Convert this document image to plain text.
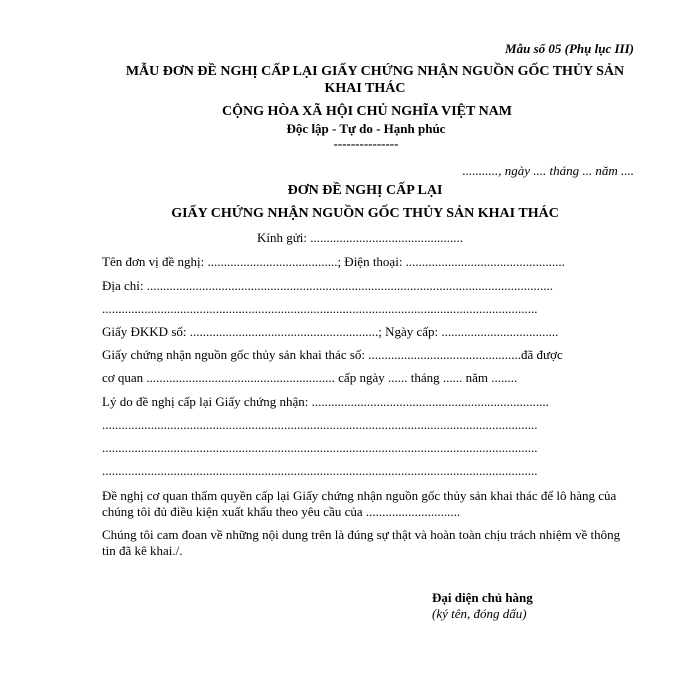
Mẫu số 05 (Phụ lục III)
MẪU ĐƠN ĐỀ NGHỊ CẤP LẠI GIẤY CHỨNG NHẬN NGUỒN GỐC THỦY SẢN
KHAI THÁC
CỘNG HÒA XÃ HỘI CHỦ NGHĨA VIỆT NAM
Độc lập - Tự do - Hạnh phúc
---------------
..........., ngày .... tháng ... năm ....
ĐƠN ĐỀ NGHỊ CẤP LẠI
GIẤY CHỨNG NHẬN NGUỒN GỐC THỦY SẢN KHAI THÁC
Kính gửi: ...............................................
Tên đơn vị đề nghị: ........................................; Điện thoại: .................................................
Địa chỉ: .............................................................................................................................
......................................................................................................................................
Giấy ĐKKD số: ..........................................................; Ngày cấp: ....................................
Giấy chứng nhận nguồn gốc thủy sản khai thác số: ...............................................đã được
cơ quan .......................................................... cấp ngày ...... tháng ...... năm ........
Lý do đề nghị cấp lại Giấy chứng nhận: .........................................................................
......................................................................................................................................
......................................................................................................................................
......................................................................................................................................
Đề nghị cơ quan thẩm quyền cấp lại Giấy chứng nhận nguồn gốc thủy sản khai thác để lô hàng của chúng tôi đủ điều kiện xuất khẩu theo yêu cầu của .............................
Chúng tôi cam đoan về những nội dung trên là đúng sự thật và hoàn toàn chịu trách nhiệm về thông tin đã kê khai./.
Đại diện chủ hàng
(ký tên, đóng dấu)
